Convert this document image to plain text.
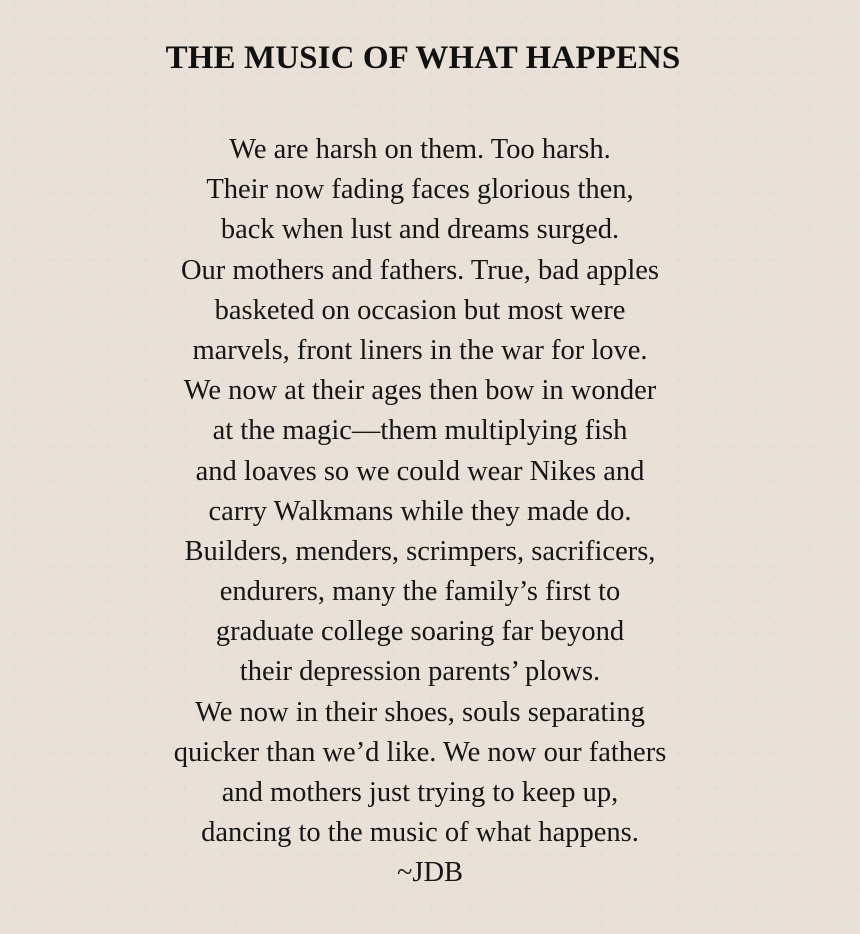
THE MUSIC OF WHAT HAPPENS
We are harsh on them. Too harsh.
Their now fading faces glorious then,
back when lust and dreams surged.
Our mothers and fathers. True, bad apples
basketed on occasion but most were
marvels, front liners in the war for love.
We now at their ages then bow in wonder
at the magic—them multiplying fish
and loaves so we could wear Nikes and
carry Walkmans while they made do.
Builders, menders, scrimpers, sacrificers,
endurers, many the family’s first to
graduate college soaring far beyond
their depression parents’ plows.
We now in their shoes, souls separating
quicker than we’d like. We now our fathers
and mothers just trying to keep up,
dancing to the music of what happens.
~JDB
